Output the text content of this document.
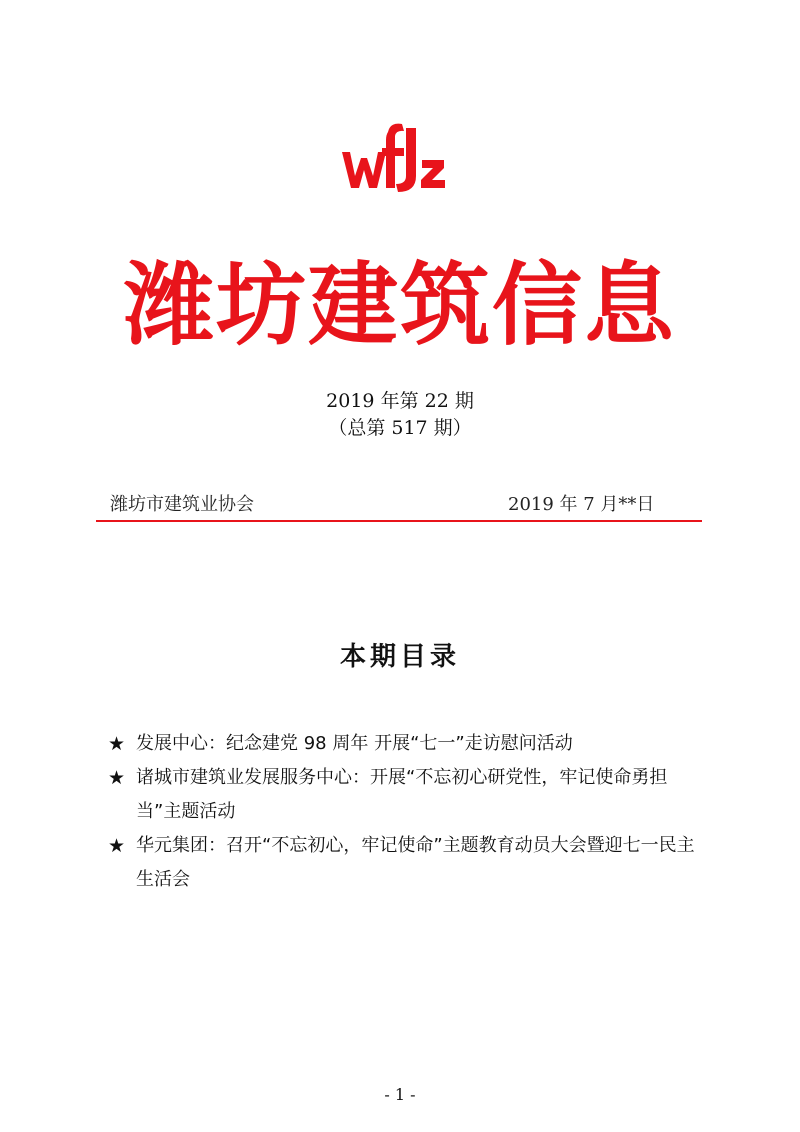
wFJz
潍坊建筑信息
2019 年第 22 期
（总第 517 期）
潍坊市建筑业协会	2019 年 7 月**日
本期目录
★ 发展中心：纪念建党 98 周年 开展“七一”走访慰问活动
★ 诸城市建筑业发展服务中心：开展“不忘初心研党性，牢记使命勇担当”主题活动
★ 华元集团：召开“不忘初心，牢记使命”主题教育动员大会暨迎七一民主生活会
- 1 -
